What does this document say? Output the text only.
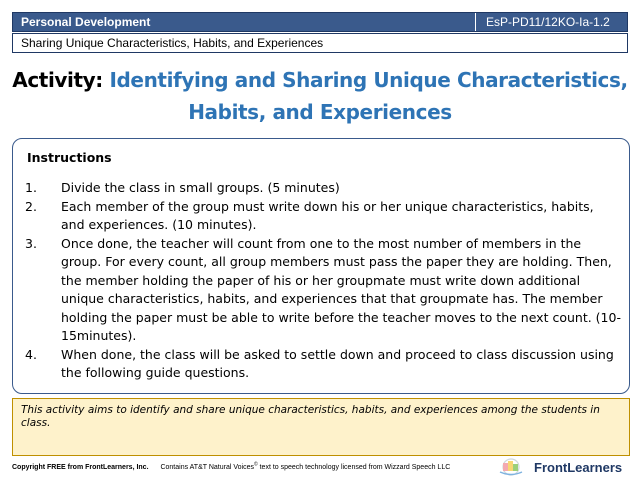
Personal Development	EsP-PD11/12KO-Ia-1.2
Sharing Unique Characteristics, Habits, and Experiences
Activity: Identifying and Sharing Unique Characteristics, Habits, and Experiences
Instructions
1.	Divide the class in small groups. (5 minutes)
2.	Each member of the group must write down his or her unique characteristics, habits, and experiences. (10 minutes).
3.	Once done, the teacher will count from one to the most number of members in the group. For every count, all group members must pass the paper they are holding. Then, the member holding the paper of his or her groupmate must write down additional unique characteristics, habits, and experiences that that groupmate has. The member holding the paper must be able to write before the teacher moves to the next count. (10-15minutes).
4.	When done, the class will be asked to settle down and proceed to class discussion using the following guide questions.
This activity aims to identify and share unique characteristics, habits, and experiences among the students in class.
Copyright FREE from FrontLearners, Inc. Contains AT&T Natural Voices© text to speech technology licensed from Wizzard Speech LLC	FrontLearners
